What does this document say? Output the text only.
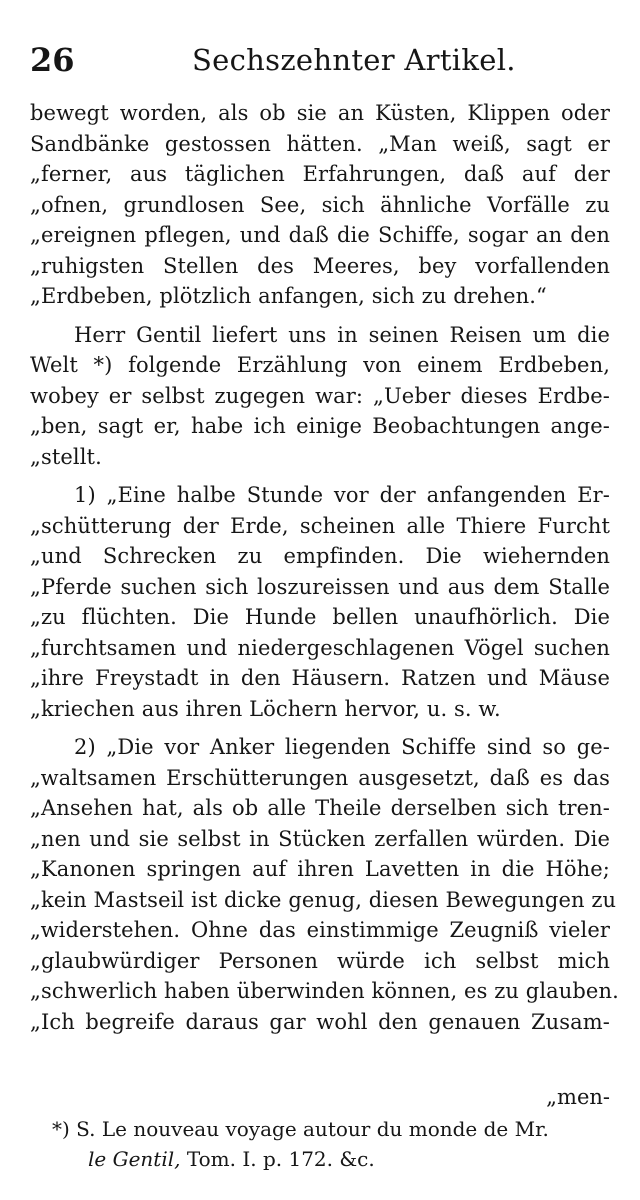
26	Sechszehnter Artikel.
bewegt worden, als ob sie an Küsten, Klippen oder
Sandbänke gestossen hätten. „Man weiß, sagt er
„ferner, aus täglichen Erfahrungen, daß auf der
„ofnen, grundlosen See, sich ähnliche Vorfälle zu
„ereignen pflegen, und daß die Schiffe, sogar an den
„ruhigsten Stellen des Meeres, bey vorfallenden
„Erdbeben, plötzlich anfangen, sich zu drehen.“
Herr Gentil liefert uns in seinen Reisen um die
Welt *) folgende Erzählung von einem Erdbeben,
wobey er selbst zugegen war: „Ueber dieses Erdbe-
„ben, sagt er, habe ich einige Beobachtungen ange-
„stellt.
1) „Eine halbe Stunde vor der anfangenden Er-
„schütterung der Erde, scheinen alle Thiere Furcht
„und Schrecken zu empfinden. Die wiehernden
„Pferde suchen sich loszureissen und aus dem Stalle
„zu flüchten. Die Hunde bellen unaufhörlich. Die
„furchtsamen und niedergeschlagenen Vögel suchen
„ihre Freystadt in den Häusern. Ratzen und Mäuse
„kriechen aus ihren Löchern hervor, u. s. w.
2) „Die vor Anker liegenden Schiffe sind so ge-
„waltsamen Erschütterungen ausgesetzt, daß es das
„Ansehen hat, als ob alle Theile derselben sich tren-
„nen und sie selbst in Stücken zerfallen würden. Die
„Kanonen springen auf ihren Lavetten in die Höhe;
„kein Mastseil ist dicke genug, diesen Bewegungen zu
„widerstehen. Ohne das einstimmige Zeugniß vieler
„glaubwürdiger Personen würde ich selbst mich
„schwerlich haben überwinden können, es zu glauben.
„Ich begreife daraus gar wohl den genauen Zusam-
„men-
*) S. Le nouveau voyage autour du monde de Mr.
le Gentil, Tom. I. p. 172. &c.
